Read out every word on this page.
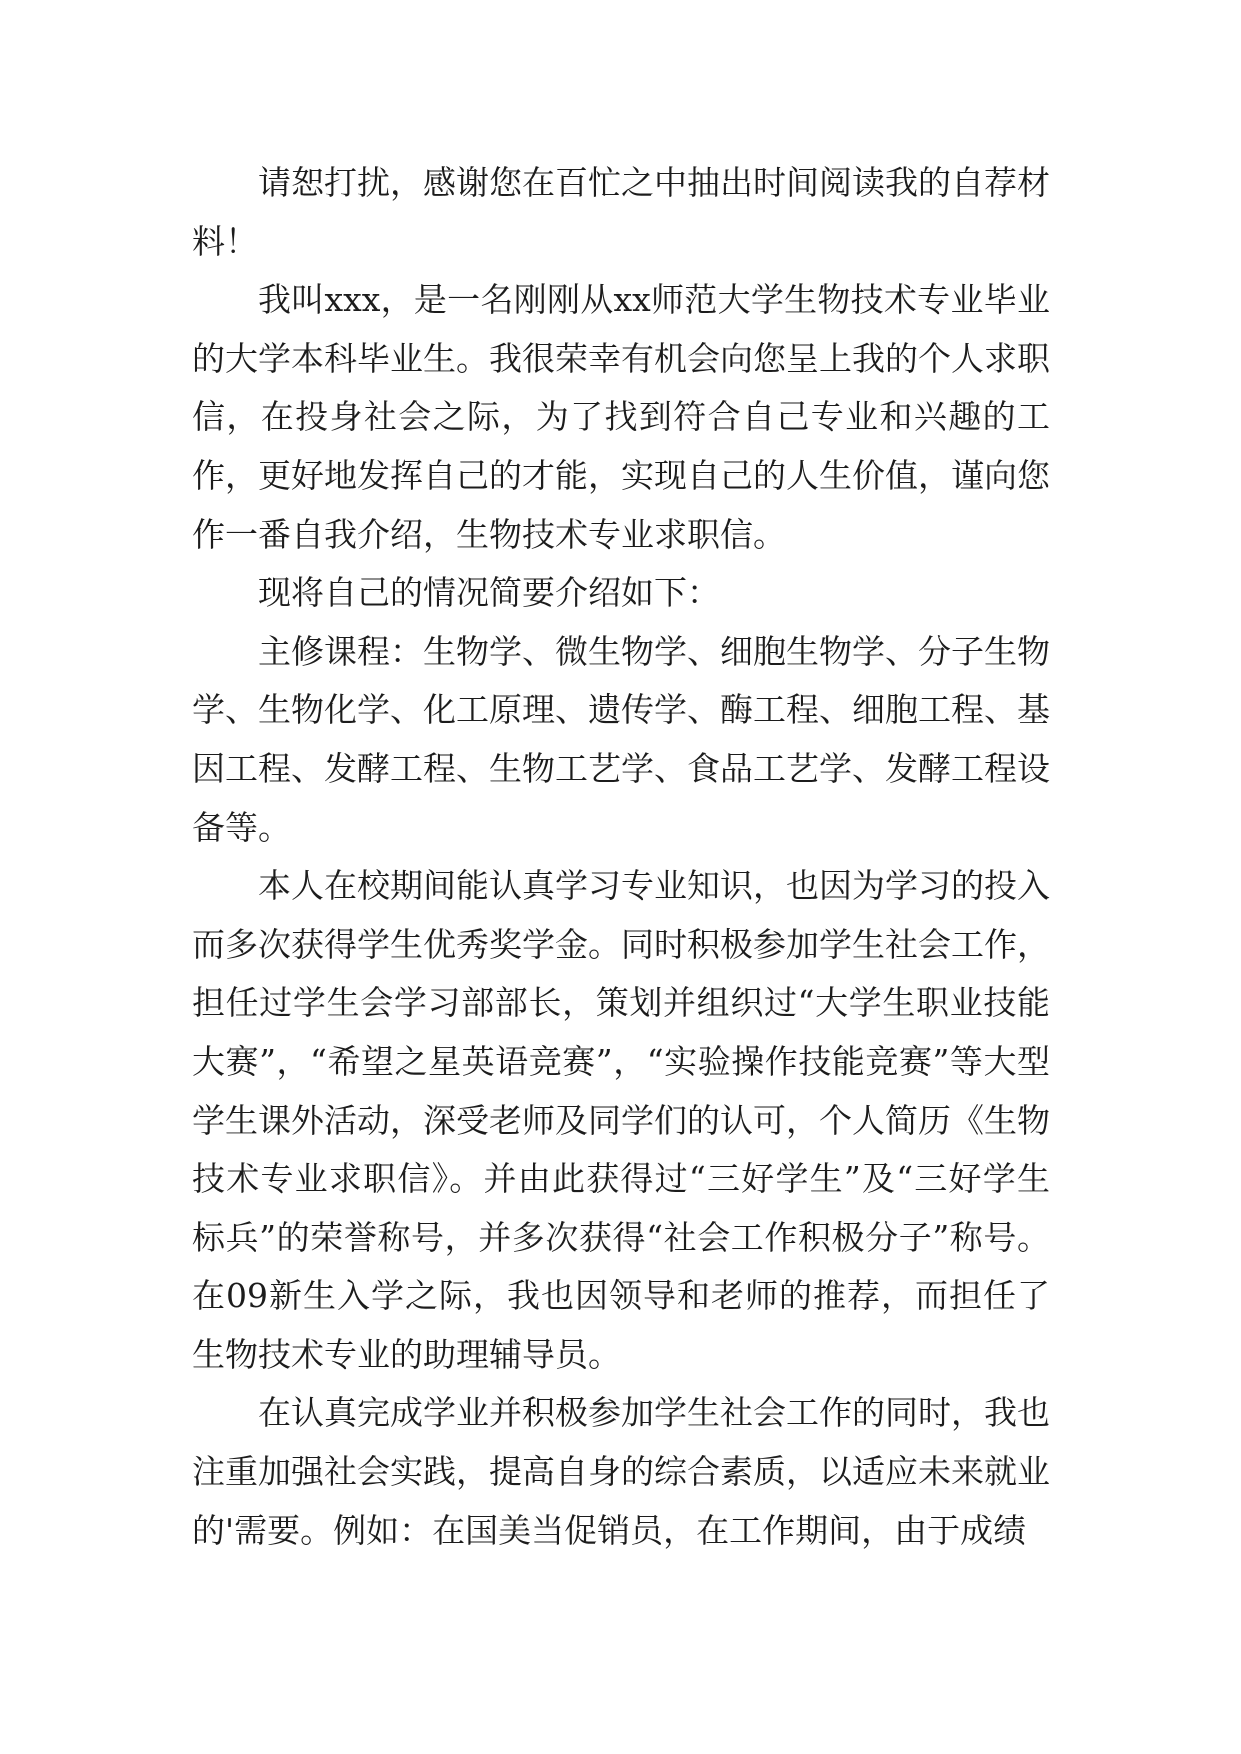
请恕打扰，感谢您在百忙之中抽出时间阅读我的自荐材料！

我叫xxx，是一名刚刚从xx师范大学生物技术专业毕业的大学本科毕业生。我很荣幸有机会向您呈上我的个人求职信，在投身社会之际，为了找到符合自己专业和兴趣的工作，更好地发挥自己的才能，实现自己的人生价值，谨向您作一番自我介绍，生物技术专业求职信。

现将自己的情况简要介绍如下：

主修课程：生物学、微生物学、细胞生物学、分子生物学、生物化学、化工原理、遗传学、酶工程、细胞工程、基因工程、发酵工程、生物工艺学、食品工艺学、发酵工程设备等。

本人在校期间能认真学习专业知识，也因为学习的投入而多次获得学生优秀奖学金。同时积极参加学生社会工作，担任过学生会学习部部长，策划并组织过“大学生职业技能大赛”，“希望之星英语竞赛”，“实验操作技能竞赛”等大型学生课外活动，深受老师及同学们的认可，个人简历《生物技术专业求职信》。并由此获得过“三好学生”及“三好学生标兵”的荣誉称号，并多次获得“社会工作积极分子”称号。在09新生入学之际，我也因领导和老师的推荐，而担任了生物技术专业的助理辅导员。

在认真完成学业并积极参加学生社会工作的同时，我也注重加强社会实践，提高自身的综合素质，以适应未来就业的'需要。例如：在国美当促销员，在工作期间，由于成绩
